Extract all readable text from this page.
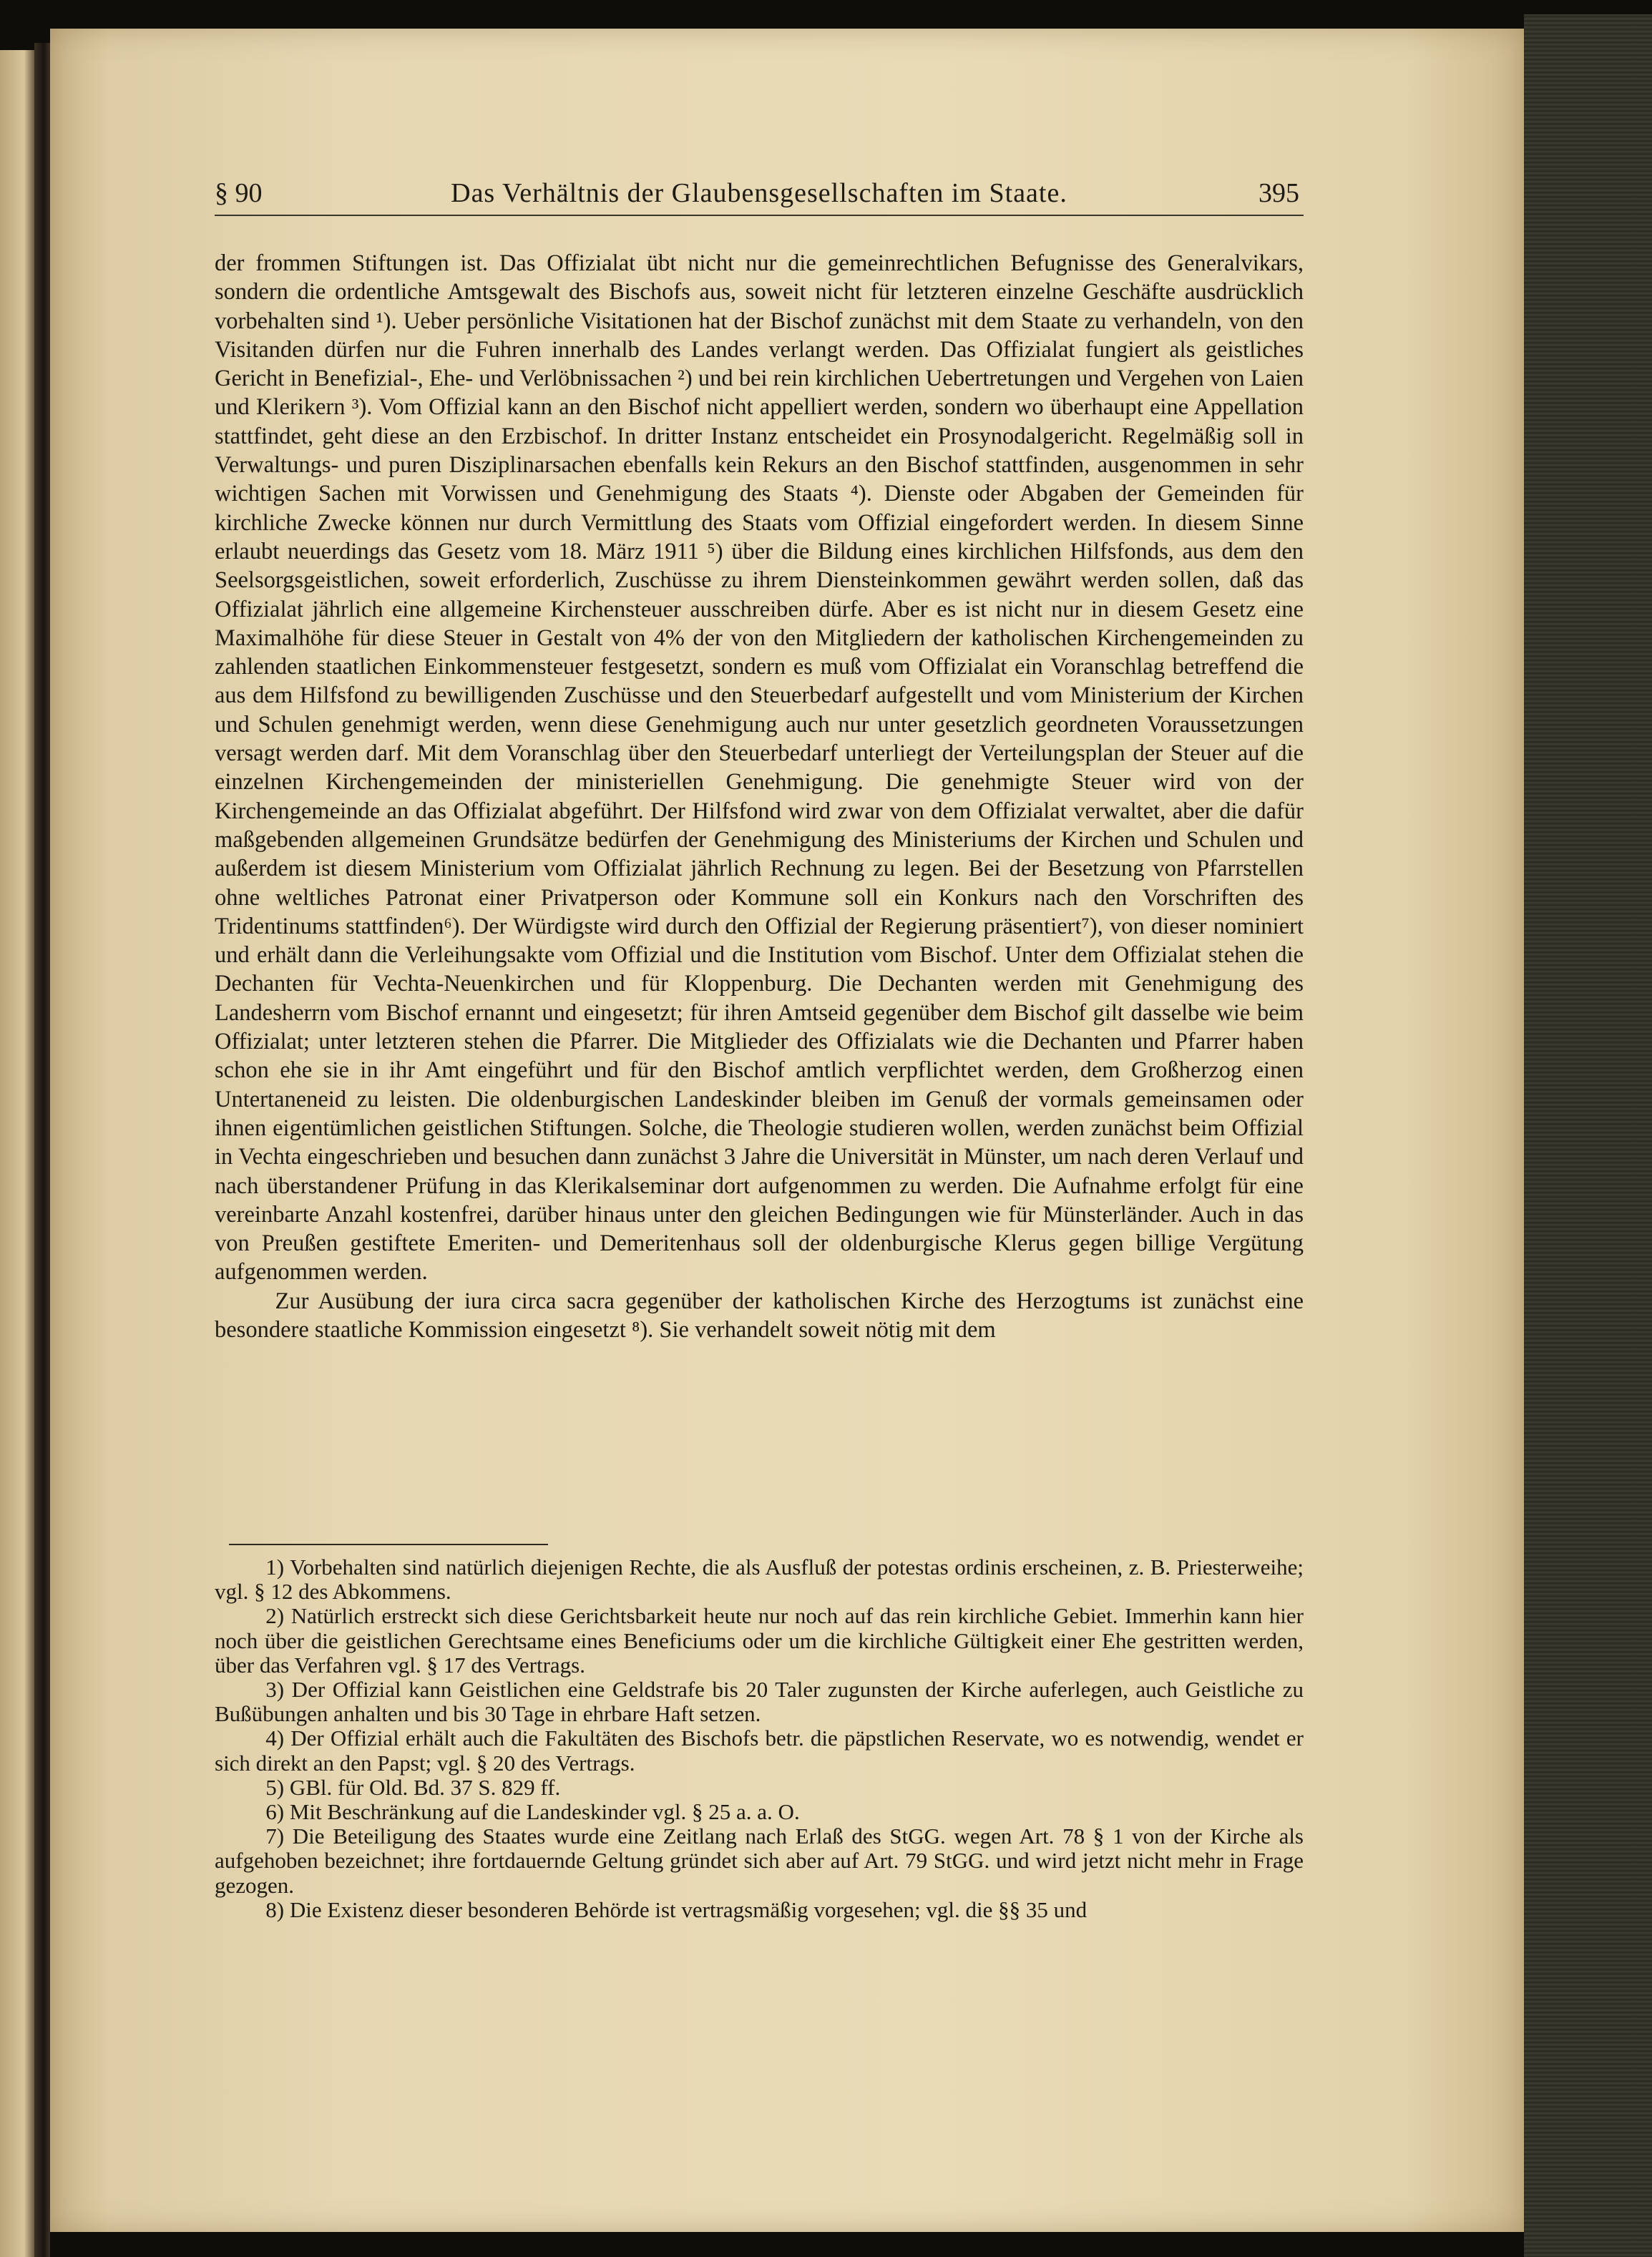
§ 90	Das Verhältnis der Glaubensgesellschaften im Staate.	395

der frommen Stiftungen ist. Das Offizialat übt nicht nur die gemeinrechtlichen Befugnisse des Generalvikars, sondern die ordentliche Amtsgewalt des Bischofs aus, soweit nicht für letzteren einzelne Geschäfte ausdrücklich vorbehalten sind ¹). Ueber persönliche Visitationen hat der Bischof zunächst mit dem Staate zu verhandeln, von den Visitanden dürfen nur die Fuhren innerhalb des Landes verlangt werden. Das Offizialat fungiert als geistliches Gericht in Benefizial-, Ehe- und Verlöbnissachen ²) und bei rein kirchlichen Uebertretungen und Vergehen von Laien und Klerikern ³). Vom Offizial kann an den Bischof nicht appelliert werden, sondern wo überhaupt eine Appellation stattfindet, geht diese an den Erzbischof. In dritter Instanz entscheidet ein Prosynodalgericht. Regelmäßig soll in Verwaltungs- und puren Disziplinarsachen ebenfalls kein Rekurs an den Bischof stattfinden, ausgenommen in sehr wichtigen Sachen mit Vorwissen und Genehmigung des Staats ⁴). Dienste oder Abgaben der Gemeinden für kirchliche Zwecke können nur durch Vermittlung des Staats vom Offizial eingefordert werden. In diesem Sinne erlaubt neuerdings das Gesetz vom 18. März 1911 ⁵) über die Bildung eines kirchlichen Hilfsfonds, aus dem den Seelsorgsgeistlichen, soweit erforderlich, Zuschüsse zu ihrem Diensteinkommen gewährt werden sollen, daß das Offizialat jährlich eine allgemeine Kirchensteuer ausschreiben dürfe. Aber es ist nicht nur in diesem Gesetz eine Maximalhöhe für diese Steuer in Gestalt von 4% der von den Mitgliedern der katholischen Kirchengemeinden zu zahlenden staatlichen Einkommensteuer festgesetzt, sondern es muß vom Offizialat ein Voranschlag betreffend die aus dem Hilfsfond zu bewilligenden Zuschüsse und den Steuerbedarf aufgestellt und vom Ministerium der Kirchen und Schulen genehmigt werden, wenn diese Genehmigung auch nur unter gesetzlich geordneten Voraussetzungen versagt werden darf. Mit dem Voranschlag über den Steuerbedarf unterliegt der Verteilungsplan der Steuer auf die einzelnen Kirchengemeinden der ministeriellen Genehmigung. Die genehmigte Steuer wird von der Kirchengemeinde an das Offizialat abgeführt. Der Hilfsfond wird zwar von dem Offizialat verwaltet, aber die dafür maßgebenden allgemeinen Grundsätze bedürfen der Genehmigung des Ministeriums der Kirchen und Schulen und außerdem ist diesem Ministerium vom Offizialat jährlich Rechnung zu legen. Bei der Besetzung von Pfarrstellen ohne weltliches Patronat einer Privatperson oder Kommune soll ein Konkurs nach den Vorschriften des Tridentinums stattfinden⁶). Der Würdigste wird durch den Offizial der Regierung präsentiert⁷), von dieser nominiert und erhält dann die Verleihungsakte vom Offizial und die Institution vom Bischof. Unter dem Offizialat stehen die Dechanten für Vechta-Neuenkirchen und für Kloppenburg. Die Dechanten werden mit Genehmigung des Landesherrn vom Bischof ernannt und eingesetzt; für ihren Amtseid gegenüber dem Bischof gilt dasselbe wie beim Offizialat; unter letzteren stehen die Pfarrer. Die Mitglieder des Offizialats wie die Dechanten und Pfarrer haben schon ehe sie in ihr Amt eingeführt und für den Bischof amtlich verpflichtet werden, dem Großherzog einen Untertaneneid zu leisten. Die oldenburgischen Landeskinder bleiben im Genuß der vormals gemeinsamen oder ihnen eigentümlichen geistlichen Stiftungen. Solche, die Theologie studieren wollen, werden zunächst beim Offizial in Vechta eingeschrieben und besuchen dann zunächst 3 Jahre die Universität in Münster, um nach deren Verlauf und nach überstandener Prüfung in das Klerikalseminar dort aufgenommen zu werden. Die Aufnahme erfolgt für eine vereinbarte Anzahl kostenfrei, darüber hinaus unter den gleichen Bedingungen wie für Münsterländer. Auch in das von Preußen gestiftete Emeriten- und Demeritenhaus soll der oldenburgische Klerus gegen billige Vergütung aufgenommen werden.

Zur Ausübung der iura circa sacra gegenüber der katholischen Kirche des Herzogtums ist zunächst eine besondere staatliche Kommission eingesetzt ⁸). Sie verhandelt soweit nötig mit dem

1) Vorbehalten sind natürlich diejenigen Rechte, die als Ausfluß der potestas ordinis erscheinen, z. B. Priesterweihe; vgl. § 12 des Abkommens.

2) Natürlich erstreckt sich diese Gerichtsbarkeit heute nur noch auf das rein kirchliche Gebiet. Immerhin kann hier noch über die geistlichen Gerechtsame eines Beneficiums oder um die kirchliche Gültigkeit einer Ehe gestritten werden, über das Verfahren vgl. § 17 des Vertrags.

3) Der Offizial kann Geistlichen eine Geldstrafe bis 20 Taler zugunsten der Kirche auferlegen, auch Geistliche zu Bußübungen anhalten und bis 30 Tage in ehrbare Haft setzen.

4) Der Offizial erhält auch die Fakultäten des Bischofs betr. die päpstlichen Reservate, wo es notwendig, wendet er sich direkt an den Papst; vgl. § 20 des Vertrags.

5) GBl. für Old. Bd. 37 S. 829 ff.

6) Mit Beschränkung auf die Landeskinder vgl. § 25 a. a. O.

7) Die Beteiligung des Staates wurde eine Zeitlang nach Erlaß des StGG. wegen Art. 78 § 1 von der Kirche als aufgehoben bezeichnet; ihre fortdauernde Geltung gründet sich aber auf Art. 79 StGG. und wird jetzt nicht mehr in Frage gezogen.

8) Die Existenz dieser besonderen Behörde ist vertragsmäßig vorgesehen; vgl. die §§ 35 und
